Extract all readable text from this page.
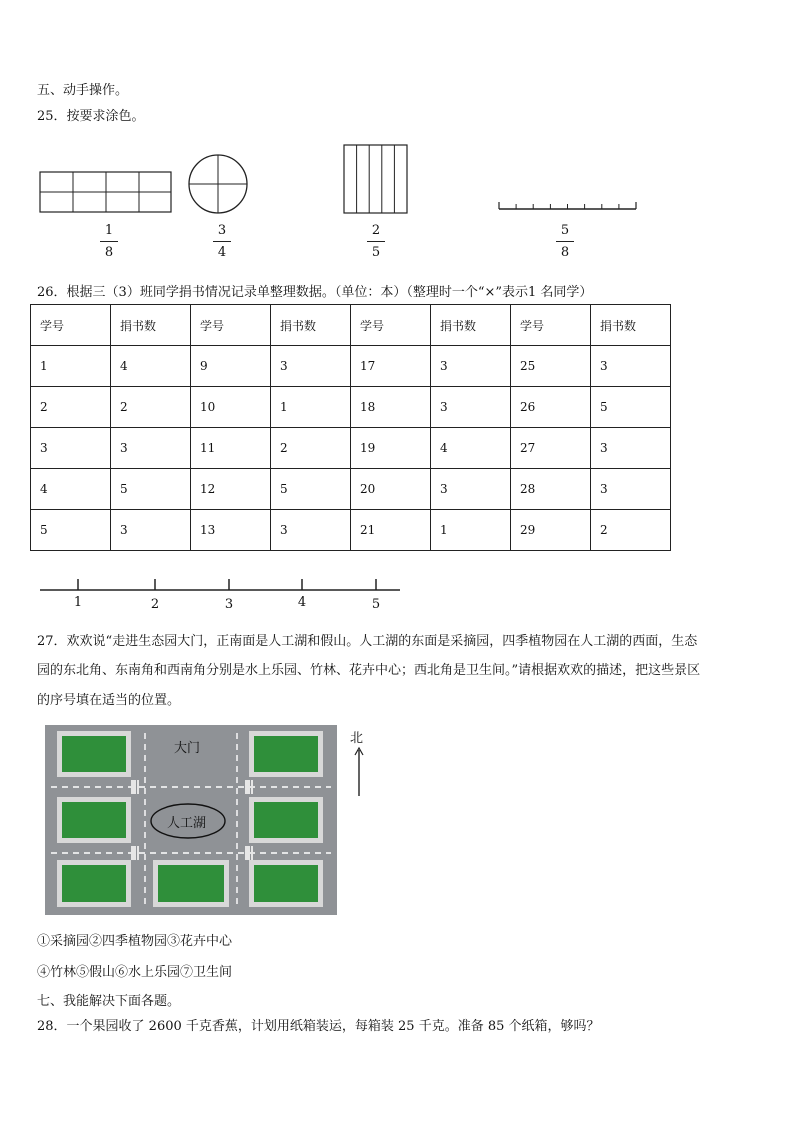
五、动手操作。
25．按要求涂色。
1
8
3
4
2
5
5
8
26．根据三（3）班同学捐书情况记录单整理数据。（单位：本）（整理时一个“×”表示1 名同学）
学号	捐书数	学号	捐书数	学号	捐书数	学号	捐书数
1	4	9	3	17	3	25	3
2	2	10	1	18	3	26	5
3	3	11	2	19	4	27	3
4	5	12	5	20	3	28	3
5	3	13	3	21	1	29	2
1	2	3	4	5
27．欢欢说“走进生态园大门，正南面是人工湖和假山。人工湖的东面是采摘园，四季植物园在人工湖的西面，生态
园的东北角、东南角和西南角分别是水上乐园、竹林、花卉中心；西北角是卫生间。”请根据欢欢的描述，把这些景区
的序号填在适当的位置。
大门
人工湖
北
①采摘园②四季植物园③花卉中心
④竹林⑤假山⑥水上乐园⑦卫生间
七、我能解决下面各题。
28．一个果园收了 2600 千克香蕉，计划用纸箱装运，每箱装 25 千克。准备 85 个纸箱，够吗？
